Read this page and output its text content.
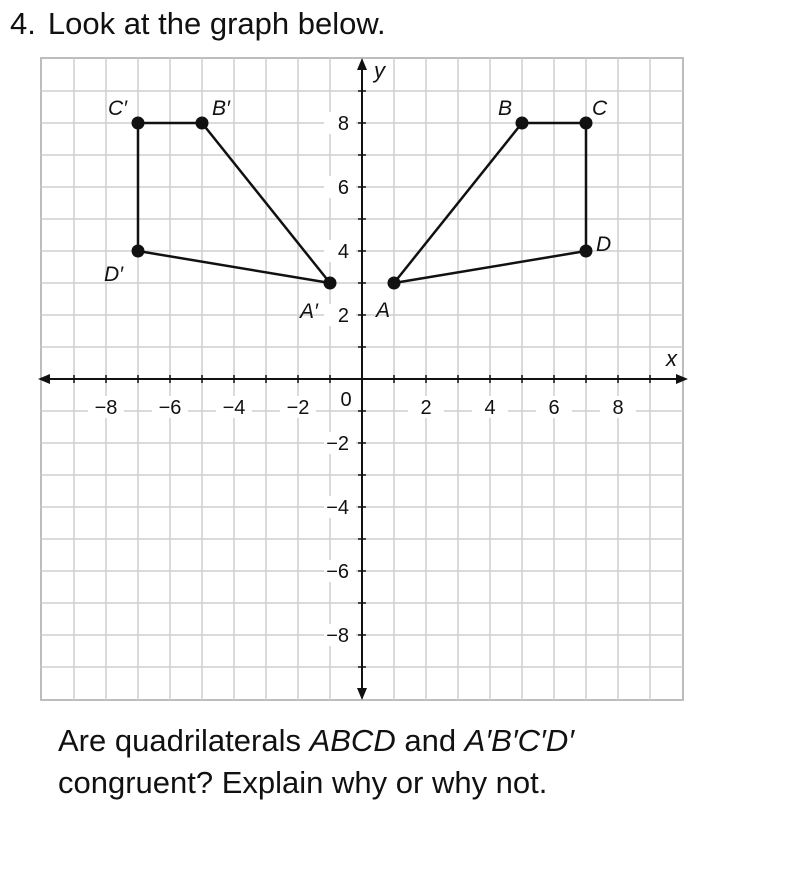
4. Look at the graph below.
x
y
−8 −6 −4 −2	2	4	6	8
8
6
4
2
−2
−4
−6
−8
0
A
B	C
D
A′
B′
C′
D′
Are quadrilaterals ABCD and A′B′C′D′
congruent? Explain why or why not.
